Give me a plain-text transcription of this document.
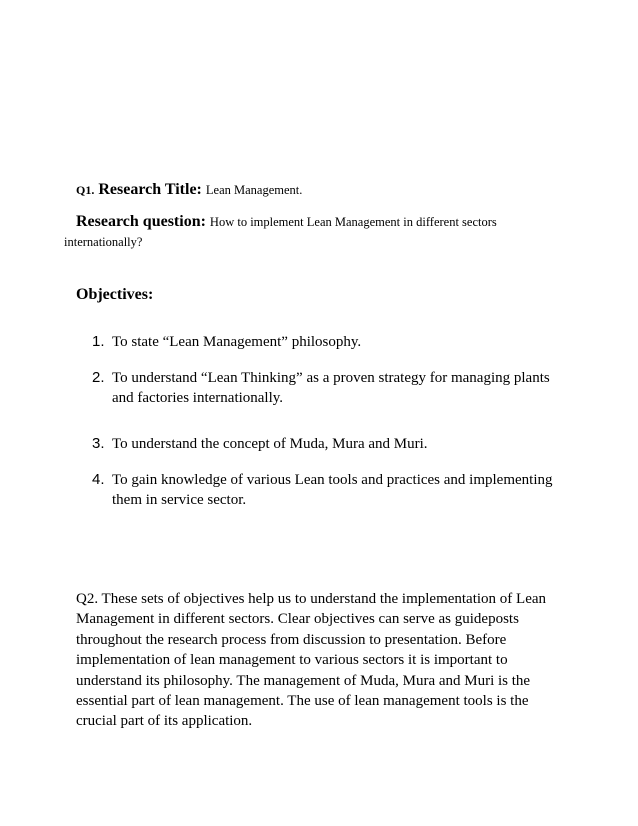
Q1. Research Title: Lean Management.
Research question: How to implement Lean Management in different sectors
internationally?
Objectives:
1. To state “Lean Management” philosophy.
2. To understand “Lean Thinking” as a proven strategy for managing plants and factories internationally.
3. To understand the concept of Muda, Mura and Muri.
4. To gain knowledge of various Lean tools and practices and implementing them in service sector.
Q2. These sets of objectives help us to understand the implementation of Lean Management in different sectors. Clear objectives can serve as guideposts throughout the research process from discussion to presentation. Before implementation of lean management to various sectors it is important to understand its philosophy. The management of Muda, Mura and Muri is the essential part of lean management. The use of lean management tools is the crucial part of its application.
